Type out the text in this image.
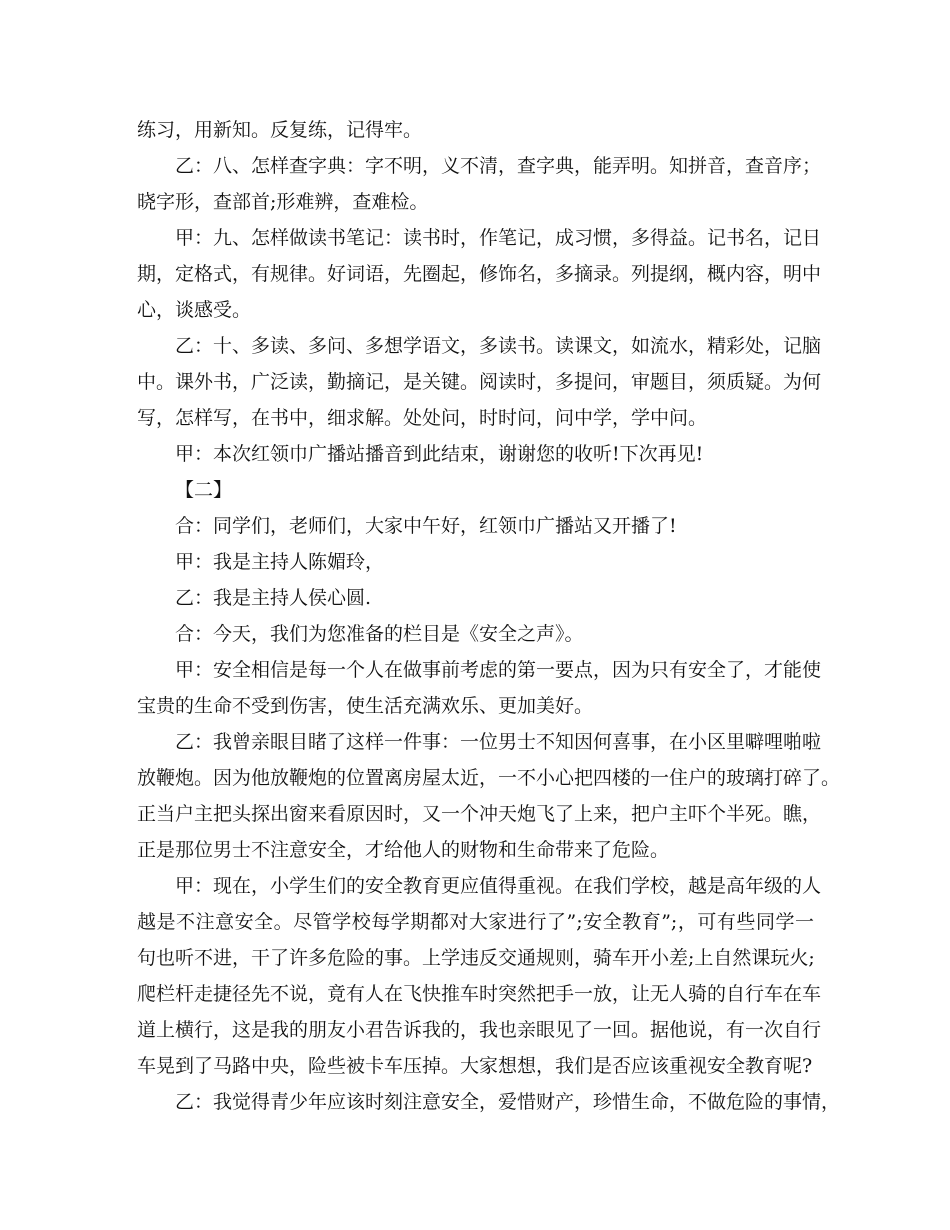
练习，用新知。反复练，记得牢。
乙：八、怎样查字典：字不明，义不清，查字典，能弄明。知拼音，查音序；
晓字形，查部首;形难辨，查难检。
甲：九、怎样做读书笔记：读书时，作笔记，成习惯，多得益。记书名，记日
期，定格式，有规律。好词语，先圈起，修饰名，多摘录。列提纲，概内容，明中
心，谈感受。
乙：十、多读、多问、多想学语文，多读书。读课文，如流水，精彩处，记脑
中。课外书，广泛读，勤摘记，是关键。阅读时，多提问，审题目，须质疑。为何
写，怎样写，在书中，细求解。处处问，时时问，问中学，学中问。
甲：本次红领巾广播站播音到此结束，谢谢您的收听!下次再见!
【二】
合：同学们，老师们，大家中午好，红领巾广播站又开播了!
甲：我是主持人陈媚玲，
乙：我是主持人侯心圆.
合：今天，我们为您准备的栏目是《安全之声》。
甲：安全相信是每一个人在做事前考虑的第一要点，因为只有安全了，才能使
宝贵的生命不受到伤害，使生活充满欢乐、更加美好。
乙：我曾亲眼目睹了这样一件事：一位男士不知因何喜事，在小区里噼哩啪啦
放鞭炮。因为他放鞭炮的位置离房屋太近，一不小心把四楼的一住户的玻璃打碎了。
正当户主把头探出窗来看原因时，又一个冲天炮飞了上来，把户主吓个半死。瞧，
正是那位男士不注意安全，才给他人的财物和生命带来了危险。
甲：现在，小学生们的安全教育更应值得重视。在我们学校，越是高年级的人
越是不注意安全。尽管学校每学期都对大家进行了”;安全教育”;，可有些同学一
句也听不进，干了许多危险的事。上学违反交通规则，骑车开小差;上自然课玩火;
爬栏杆走捷径先不说，竟有人在飞快推车时突然把手一放，让无人骑的自行车在车
道上横行，这是我的朋友小君告诉我的，我也亲眼见了一回。据他说，有一次自行
车晃到了马路中央，险些被卡车压掉。大家想想，我们是否应该重视安全教育呢?
乙：我觉得青少年应该时刻注意安全，爱惜财产，珍惜生命，不做危险的事情，
